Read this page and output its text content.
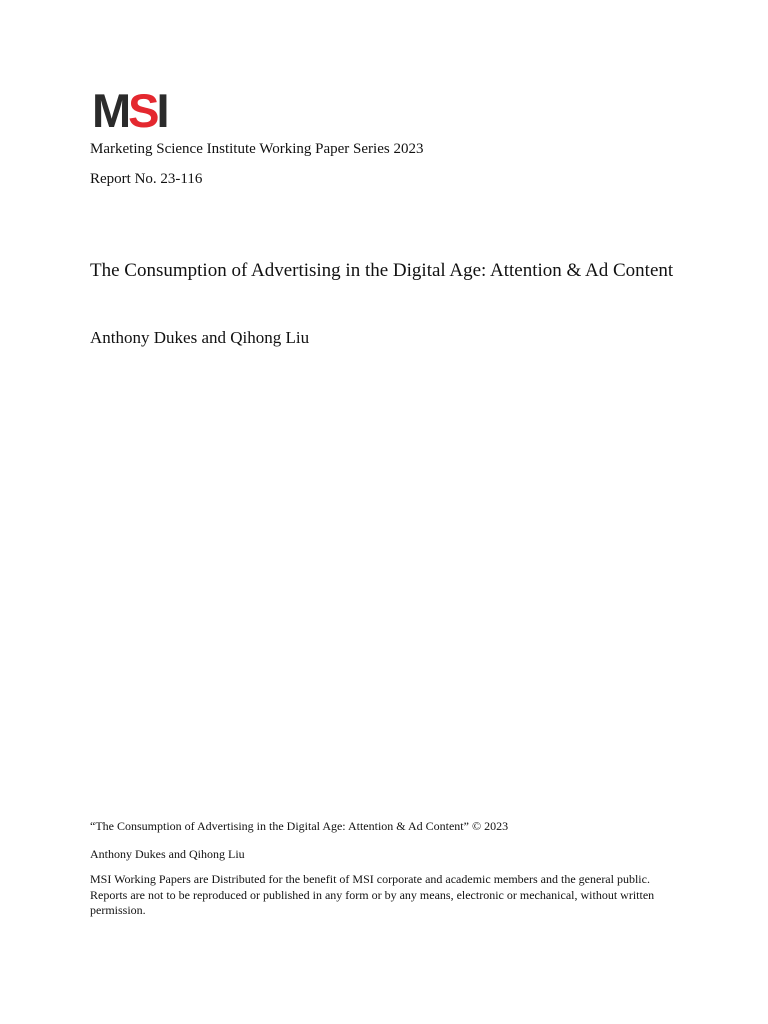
M S I
Marketing Science Institute Working Paper Series 2023
Report No. 23-116
The Consumption of Advertising in the Digital Age: Attention & Ad Content
Anthony Dukes and Qihong Liu

“The Consumption of Advertising in the Digital Age: Attention & Ad Content” © 2023

Anthony Dukes and Qihong Liu

MSI Working Papers are Distributed for the benefit of MSI corporate and academic members and the general public. Reports are not to be reproduced or published in any form or by any means, electronic or mechanical, without written permission.
